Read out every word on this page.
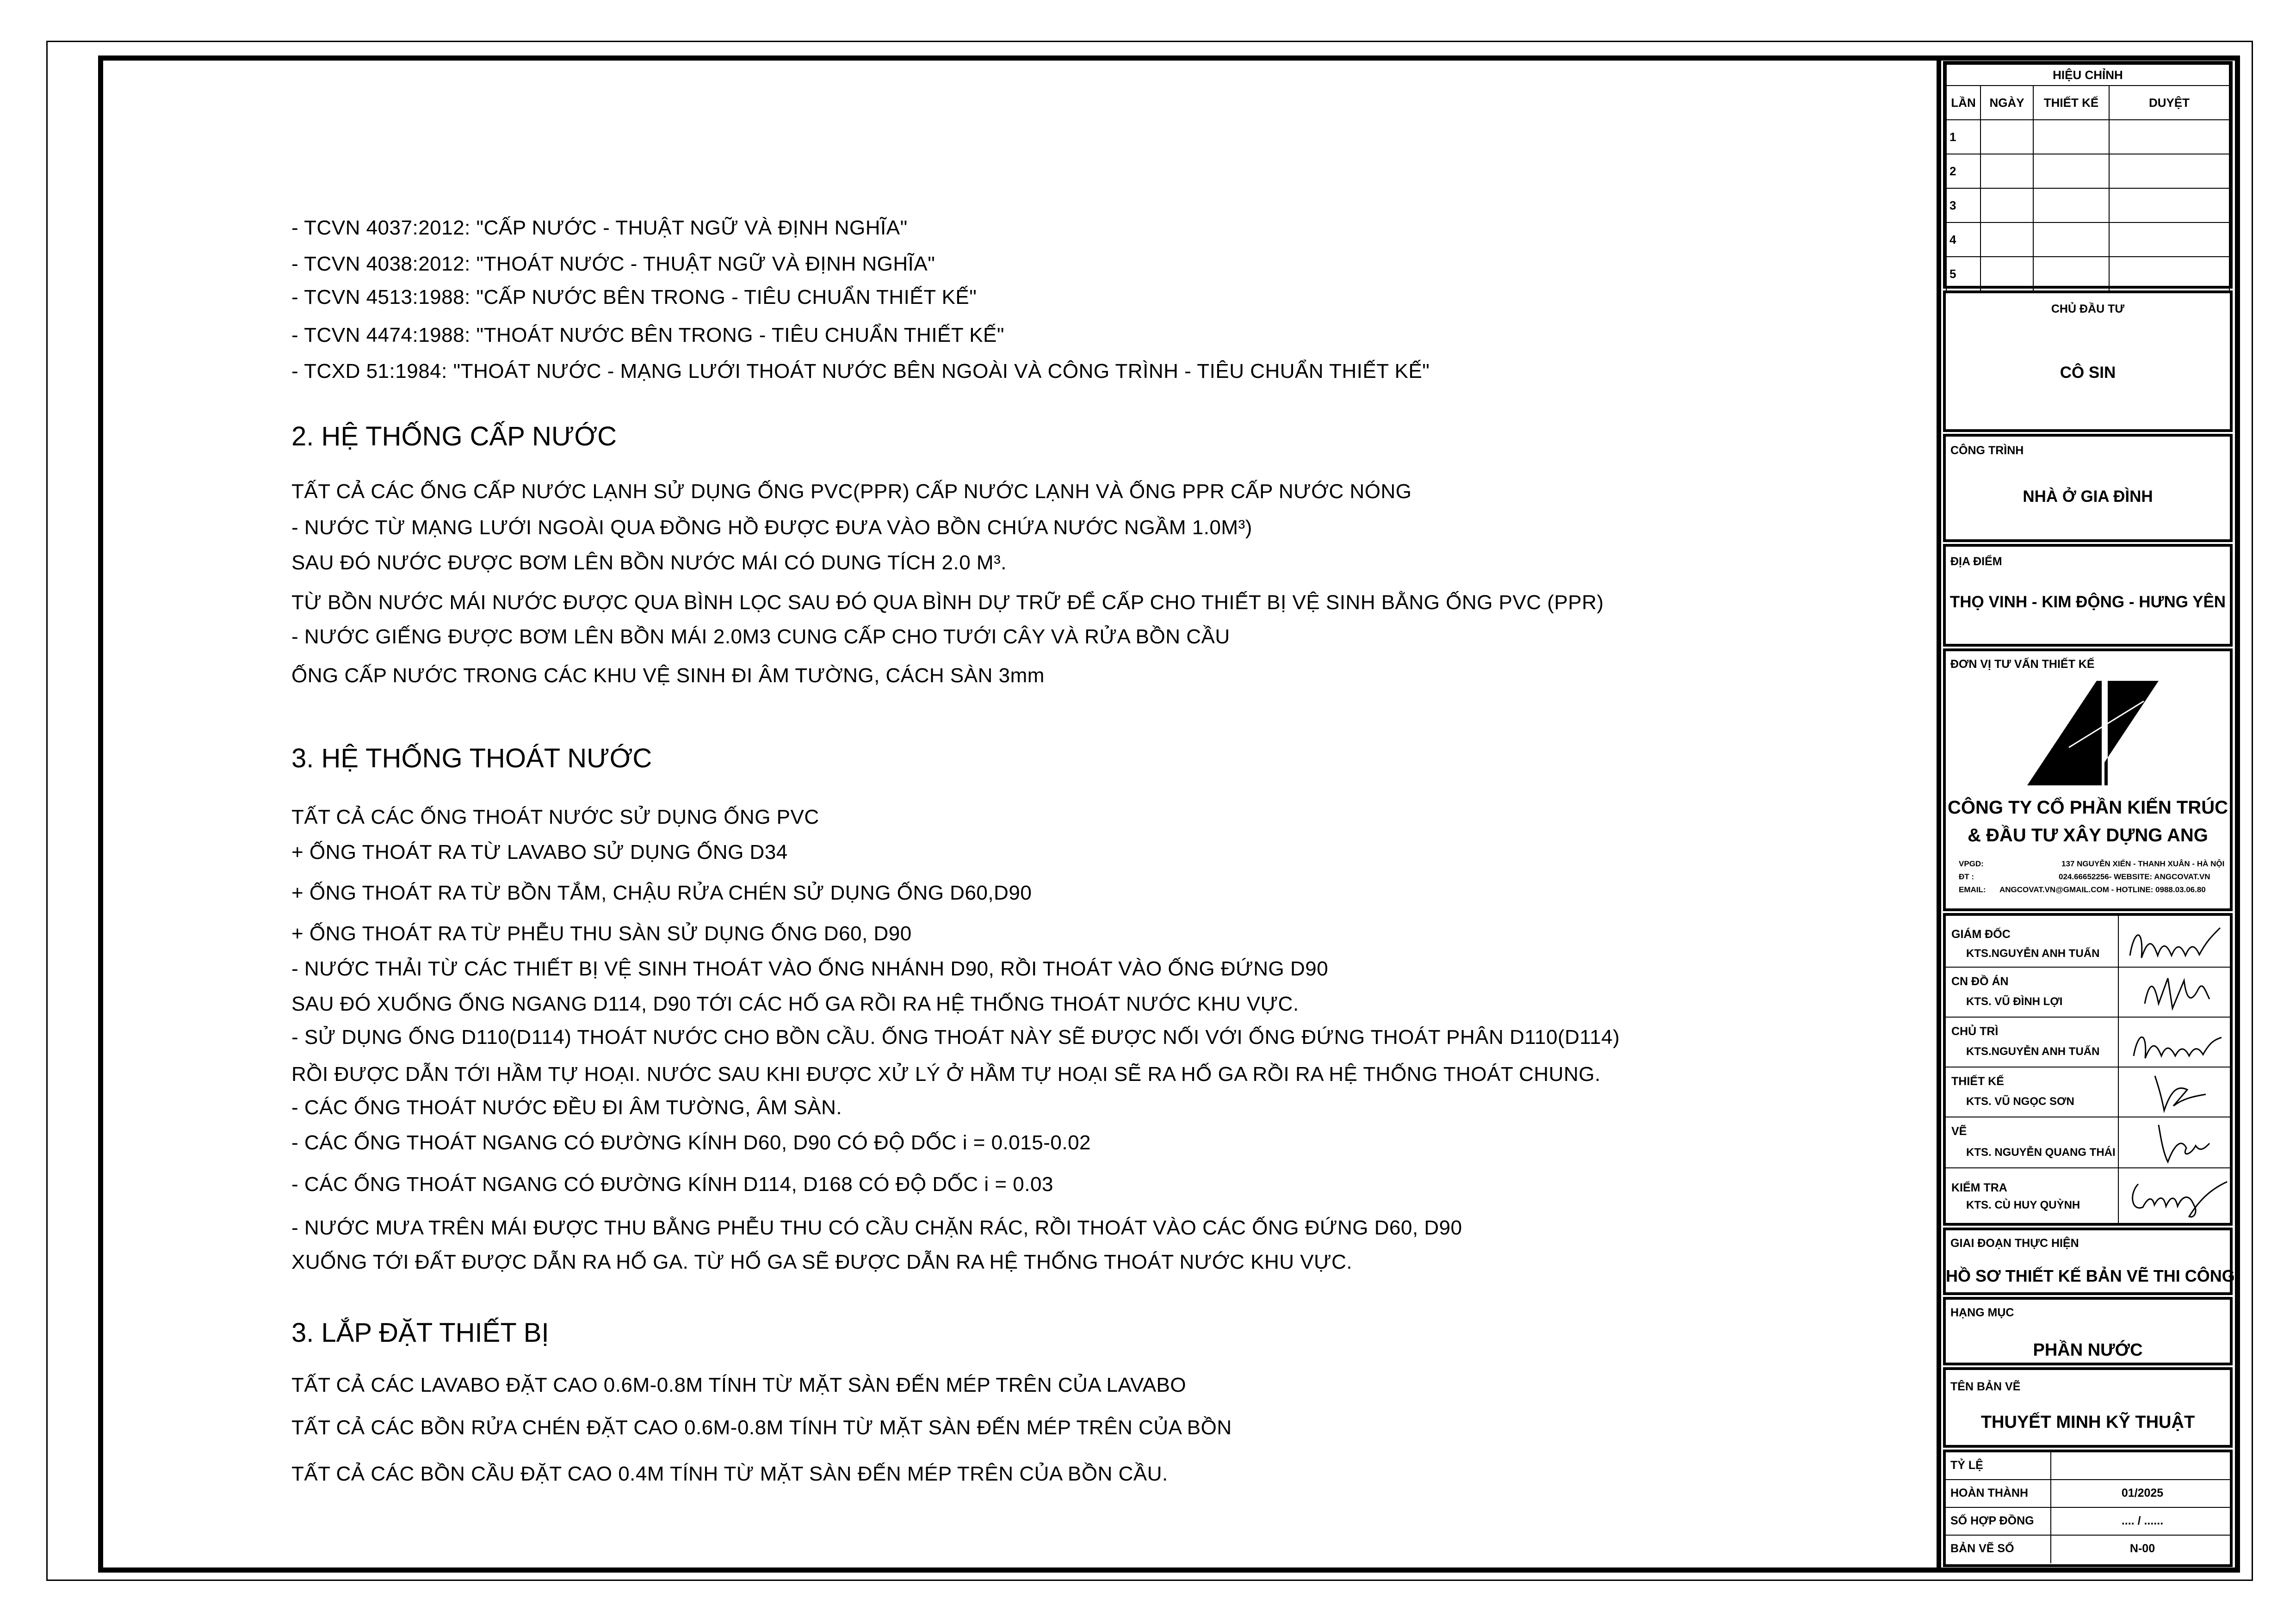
- TCVN 4037:2012: "CẤP NƯỚC - THUẬT NGỮ VÀ ĐỊNH NGHĨA"
- TCVN 4038:2012: "THOÁT NƯỚC - THUẬT NGỮ VÀ ĐỊNH NGHĨA"
- TCVN 4513:1988: "CẤP NƯỚC BÊN TRONG - TIÊU CHUẨN THIẾT KẾ"
- TCVN 4474:1988: "THOÁT NƯỚC BÊN TRONG - TIÊU CHUẨN THIẾT KẾ"
- TCXD 51:1984: "THOÁT NƯỚC - MẠNG LƯỚI THOÁT NƯỚC BÊN NGOÀI VÀ CÔNG TRÌNH - TIÊU CHUẨN THIẾT KẾ"
2. HỆ THỐNG CẤP NƯỚC
TẤT CẢ CÁC ỐNG CẤP NƯỚC LẠNH SỬ DỤNG ỐNG PVC(PPR) CẤP NƯỚC LẠNH VÀ ỐNG PPR CẤP NƯỚC NÓNG
- NƯỚC TỪ MẠNG LƯỚI NGOÀI QUA ĐỒNG HỒ ĐƯỢC ĐƯA VÀO BỒN CHỨA NƯỚC NGẦM 1.0M³)
SAU ĐÓ NƯỚC ĐƯỢC BƠM LÊN BỒN NƯỚC MÁI CÓ DUNG TÍCH 2.0 M³.
TỪ BỒN NƯỚC MÁI NƯỚC ĐƯỢC QUA BÌNH LỌC SAU ĐÓ QUA BÌNH DỰ TRỮ ĐỂ CẤP CHO THIẾT BỊ VỆ SINH BẰNG ỐNG PVC (PPR)
- NƯỚC GIẾNG ĐƯỢC BƠM LÊN BỒN MÁI 2.0M3 CUNG CẤP CHO TƯỚI CÂY VÀ RỬA BỒN CẦU
ỐNG CẤP NƯỚC TRONG CÁC KHU VỆ SINH ĐI ÂM TƯỜNG, CÁCH SÀN 3mm
3. HỆ THỐNG THOÁT NƯỚC
TẤT CẢ CÁC ỐNG THOÁT NƯỚC SỬ DỤNG ỐNG PVC
+ ỐNG THOÁT RA TỪ LAVABO SỬ DỤNG ỐNG D34
+ ỐNG THOÁT RA TỪ BỒN TẮM, CHẬU RỬA CHÉN SỬ DỤNG ỐNG D60,D90
+ ỐNG THOÁT RA TỪ PHỄU THU SÀN SỬ DỤNG ỐNG D60, D90
- NƯỚC THẢI TỪ CÁC THIẾT BỊ VỆ SINH THOÁT VÀO ỐNG NHÁNH D90, RỒI THOÁT VÀO ỐNG ĐỨNG D90
SAU ĐÓ XUỐNG ỐNG NGANG D114, D90 TỚI CÁC HỐ GA RỒI RA HỆ THỐNG THOÁT NƯỚC KHU VỰC.
- SỬ DỤNG ỐNG D110(D114) THOÁT NƯỚC CHO BỒN CẦU. ỐNG THOÁT NÀY SẼ ĐƯỢC NỐI VỚI ỐNG ĐỨNG THOÁT PHÂN D110(D114)
RỒI ĐƯỢC DẪN TỚI HẦM TỰ HOẠI. NƯỚC SAU KHI ĐƯỢC XỬ LÝ Ở HẦM TỰ HOẠI SẼ RA HỐ GA RỒI RA HỆ THỐNG THOÁT CHUNG.
- CÁC ỐNG THOÁT NƯỚC ĐỀU ĐI ÂM TƯỜNG, ÂM SÀN.
- CÁC ỐNG THOÁT NGANG CÓ ĐƯỜNG KÍNH D60, D90 CÓ ĐỘ DỐC i = 0.015-0.02
- CÁC ỐNG THOÁT NGANG CÓ ĐƯỜNG KÍNH D114, D168 CÓ ĐỘ DỐC i = 0.03
- NƯỚC MƯA TRÊN MÁI ĐƯỢC THU BẰNG PHỄU THU CÓ CẦU CHẶN RÁC, RỒI THOÁT VÀO CÁC ỐNG ĐỨNG D60, D90
XUỐNG TỚI ĐẤT ĐƯỢC DẪN RA HỐ GA. TỪ HỐ GA SẼ ĐƯỢC DẪN RA HỆ THỐNG THOÁT NƯỚC KHU VỰC.
3. LẮP ĐẶT THIẾT BỊ
TẤT CẢ CÁC LAVABO ĐẶT CAO 0.6M-0.8M TÍNH TỪ MẶT SÀN ĐẾN MÉP TRÊN CỦA LAVABO
TẤT CẢ CÁC BỒN RỬA CHÉN ĐẶT CAO 0.6M-0.8M TÍNH TỪ MẶT SÀN ĐẾN MÉP TRÊN CỦA BỒN
TẤT CẢ CÁC BỒN CẦU ĐẶT CAO 0.4M TÍNH TỪ MẶT SÀN ĐẾN MÉP TRÊN CỦA BỒN CẦU.
HIỆU CHỈNH			
LẦN	NGÀY	THIẾT KẾ	DUYỆT
1			
2			
3			
4			
5			
CHỦ ĐẦU TƯ
CÔ SIN
CÔNG TRÌNH
NHÀ Ở GIA ĐÌNH
ĐỊA ĐIỂM
THỌ VINH - KIM ĐỘNG - HƯNG YÊN
ĐƠN VỊ TƯ VẤN THIẾT KẾ
CÔNG TY CỔ PHẦN KIẾN TRÚC
& ĐẦU TƯ XÂY DỰNG ANG
VPGD:	137 NGUYỄN XIỂN - THANH XUÂN - HÀ NỘI
ĐT :	024.66652256- WEBSITE: ANGCOVAT.VN
EMAIL: ANGCOVAT.VN@GMAIL.COM - HOTLINE: 0988.03.06.80
GIÁM ĐỐC
KTS.NGUYỄN ANH TUẤN
CN ĐỒ ÁN
KTS. VŨ ĐÌNH LỢI
CHỦ TRÌ
KTS.NGUYỄN ANH TUẤN
THIẾT KẾ
KTS. VŨ NGỌC SƠN
VẼ
KTS. NGUYỄN QUANG THÁI
KIỂM TRA
KTS. CÙ HUY QUỲNH
GIAI ĐOẠN THỰC HIỆN
HỒ SƠ THIẾT KẾ BẢN VẼ THI CÔNG
HẠNG MỤC
PHẦN NƯỚC
TÊN BẢN VẼ
THUYẾT MINH KỸ THUẬT
TỶ LỆ
HOÀN THÀNH	01/2025
SỐ HỢP ĐỒNG	.... / ......
BẢN VẼ SỐ	N-00
